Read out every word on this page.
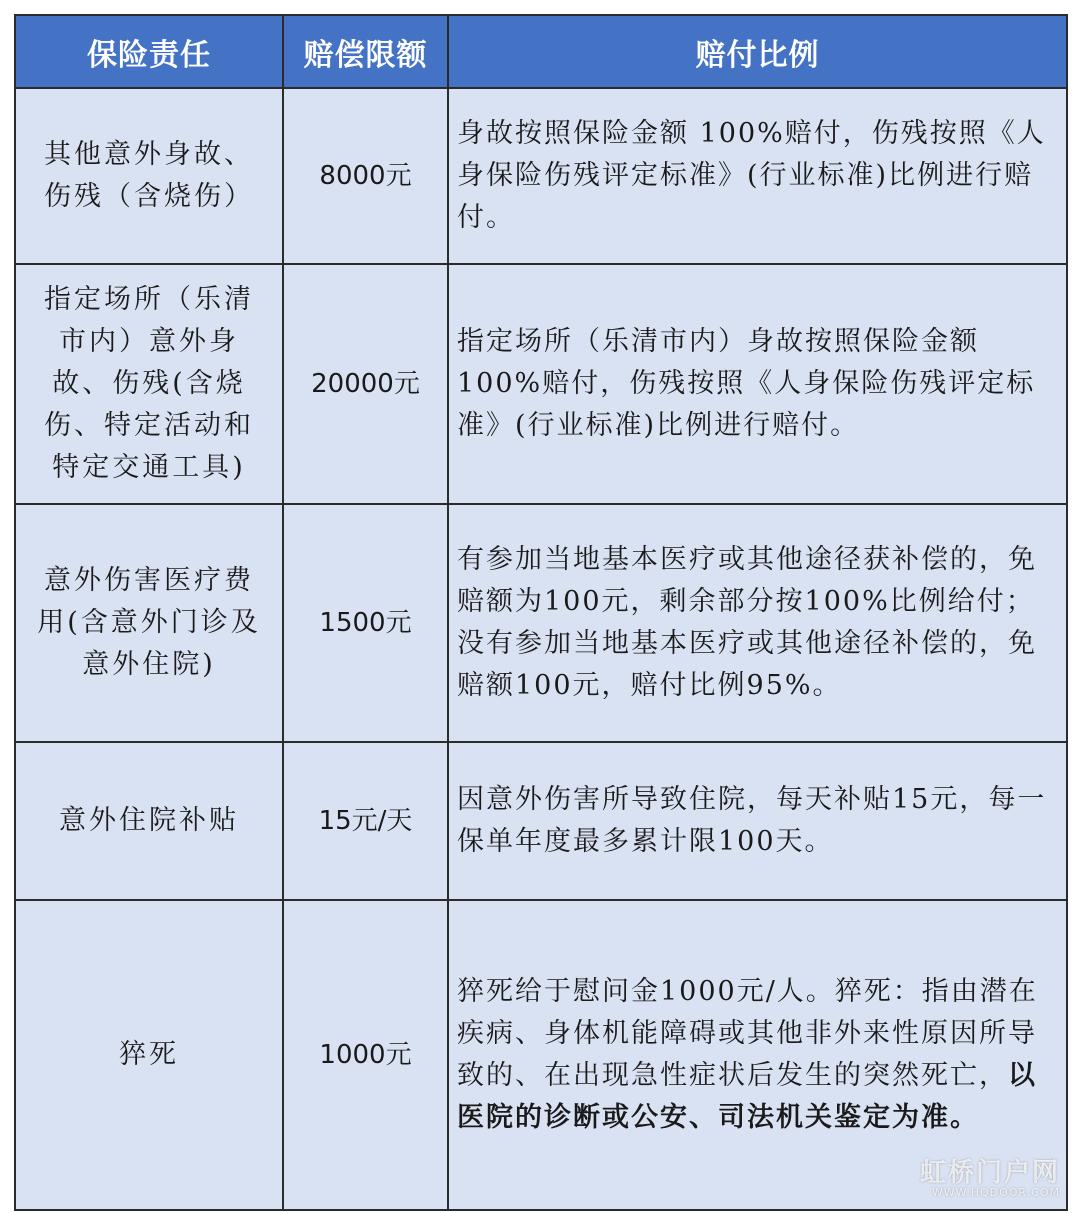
保险责任	赔偿限额	赔付比例
其他意外身故、伤残（含烧伤）	8000元	身故按照保险金额 100%赔付，伤残按照《人身保险伤残评定标准》(行业标准)比例进行赔付。
指定场所（乐清市内）意外身故、伤残(含烧伤、特定活动和特定交通工具)	20000元	指定场所（乐清市内）身故按照保险金额100%赔付，伤残按照《人身保险伤残评定标准》(行业标准)比例进行赔付。
意外伤害医疗费用(含意外门诊及意外住院)	1500元	有参加当地基本医疗或其他途径获补偿的，免赔额为100元，剩余部分按100%比例给付；没有参加当地基本医疗或其他途径补偿的，免赔额100元，赔付比例95%。
意外住院补贴	15元/天	因意外伤害所导致住院，每天补贴15元，每一保单年度最多累计限100天。
猝死	1000元	猝死给于慰问金1000元/人。猝死：指由潜在疾病、身体机能障碍或其他非外来性原因所导致的、在出现急性症状后发生的突然死亡，以医院的诊断或公安、司法机关鉴定为准。
虹桥门户网
WWW.HQDOOR.COM
